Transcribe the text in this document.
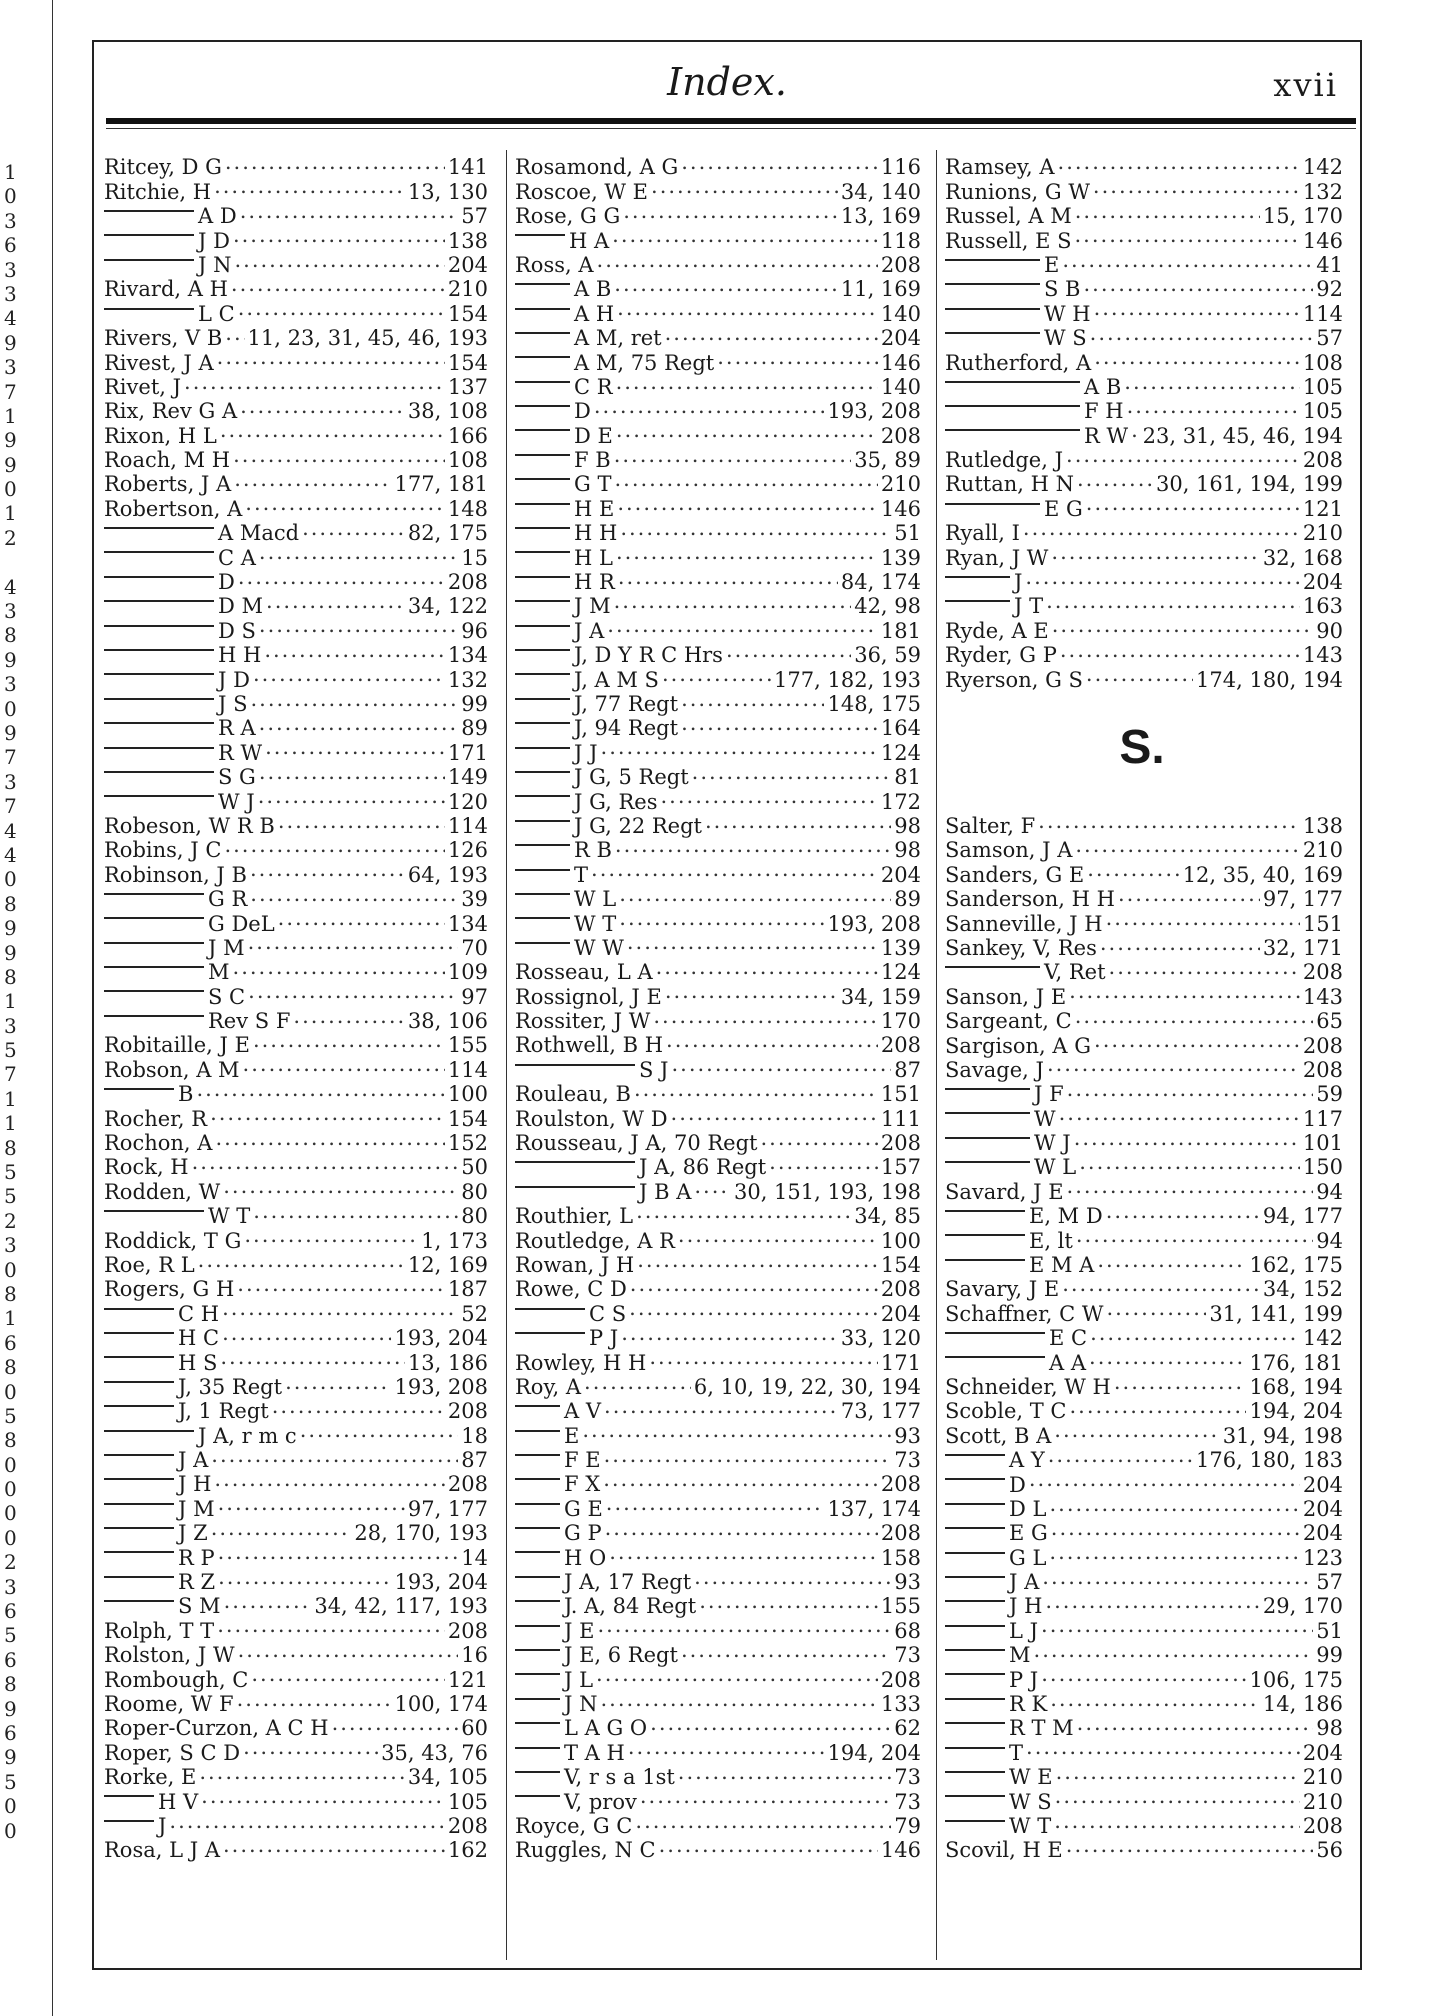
1
0
3
6
3
3
4
9
3
7
1
9
9
0
1
2
4
3
8
9
3
0
9
7
3
7
4
4
0
8
9
9
8
1
3
5
7
1
1
8
5
5
2
3
0
8
1
6
8
0
5
8
0
0
0
0
2
3
6
5
6
8
9
6
9
5
0
0
Index.	xvii
Ritcey, D G .....	141
Ritchie, H .....	13, 130
A D .....	57
J D .....	138
J N .....	204
Rivard, A H .....	210
L C .....	154
Rivers, V B ..... 11, 23, 31, 45, 46, 193
Rivest, J A .....	154
Rivet, J .....	137
Rix, Rev G A .....	38, 108
Rixon, H L .....	166
Roach, M H .....	108
Roberts, J A .....	177, 181
Robertson, A .....	148
A Macd .....	82, 175
C A .....	15
D .....	208
D M .....	34, 122
D S .....	96
H H .....	134
J D .....	132
J S .....	99
R A .....	89
R W .....	171
S G .....	149
W J .....	120
Robeson, W R B .....	114
Robins, J C .....	126
Robinson, J B .....	64, 193
G R .....	39
G DeL .....	134
J M .....	70
M .....	109
S C .....	97
Rev S F .....	38, 106
Robitaille, J E .....	155
Robson, A M .....	114
B .....	100
Rocher, R .....	154
Rochon, A .....	152
Rock, H .....	50
Rodden, W .....	80
W T .....	80
Roddick, T G .....	1, 173
Roe, R L .....	12, 169
Rogers, G H .....	187
C H .....	52
H C .....	193, 204
H S .....	13, 186
J, 35 Regt .....	193, 208
J, 1 Regt .....	208
J A, r m c .....	18
J A .....	87
J H .....	208
J M .....	97, 177
J Z .....	28, 170, 193
R P .....	14
R Z .....	193, 204
S M .....	34, 42, 117, 193
Rolph, T T .....	208
Rolston, J W .....	16
Rombough, C .....	121
Roome, W F .....	100, 174
Roper-Curzon, A C H .....	60
Roper, S C D .....	35, 43, 76
Rorke, E .....	34, 105
H V .....	105
J .....	208
Rosa, L J A .....	162
Rosamond, A G .....	116
Roscoe, W E .....	34, 140
Rose, G G .....	13, 169
H A .....	118
Ross, A .....	208
A B .....	11, 169
A H .....	140
A M, ret .....	204
A M, 75 Regt .....	146
C R .....	140
D .....	193, 208
D E .....	208
F B .....	35, 89
G T .....	210
H E .....	146
H H .....	51
H L .....	139
H R .....	84, 174
J M .....	42, 98
J A .....	181
J, D Y R C Hrs .....	36, 59
J, A M S .....	177, 182, 193
J, 77 Regt .....	148, 175
J, 94 Regt .....	164
J J .....	124
J G, 5 Regt .....	81
J G, Res .....	172
J G, 22 Regt .....	98
R B .....	98
T .....	204
W L .....	89
W T .....	193, 208
W W .....	139
Rosseau, L A .....	124
Rossignol, J E .....	34, 159
Rossiter, J W .....	170
Rothwell, B H .....	208
S J .....	87
Rouleau, B .....	151
Roulston, W D .....	111
Rousseau, J A, 70 Regt .....	208
J A, 86 Regt .....	157
J B A ..... 30, 151, 193, 198
Routhier, L .....	34, 85
Routledge, A R .....	100
Rowan, J H .....	154
Rowe, C D .....	208
C S .....	204
P J .....	33, 120
Rowley, H H .....	171
Roy, A .....	6, 10, 19, 22, 30, 194
A V .....	73, 177
E .....	93
F E .....	73
F X .....	208
G E .....	137, 174
G P .....	208
H O .....	158
J A, 17 Regt .....	93
J. A, 84 Regt .....	155
J E .....	68
J E, 6 Regt .....	73
J L .....	208
J N .....	133
L A G O .....	62
T A H .....	194, 204
V, r s a 1st .....	73
V, prov .....	73
Royce, G C .....	79
Ruggles, N C .....	146
Ramsey, A .....	142
Runions, G W .....	132
Russel, A M .....	15, 170
Russell, E S .....	146
E .....	41
S B .....	92
W H .....	114
W S .....	57
Rutherford, A .....	108
A B .....	105
F H .....	105
R W ..... 23, 31, 45, 46, 194
Rutledge, J .....	208
Ruttan, H N .....	30, 161, 194, 199
E G .....	121
Ryall, I .....	210
Ryan, J W .....	32, 168
J .....	204
J T .....	163
Ryde, A E .....	90
Ryder, G P .....	143
Ryerson, G S .....	174, 180, 194
S.
Salter, F .....	138
Samson, J A .....	210
Sanders, G E .....	12, 35, 40, 169
Sanderson, H H .....	97, 177
Sanneville, J H .....	151
Sankey, V, Res .....	32, 171
V, Ret .....	208
Sanson, J E .....	143
Sargeant, C .....	65
Sargison, A G .....	208
Savage, J .....	208
J F .....	59
W .....	117
W J .....	101
W L .....	150
Savard, J E .....	94
E, M D .....	94, 177
E, lt .....	94
E M A .....	162, 175
Savary, J E .....	34, 152
Schaffner, C W .....	31, 141, 199
E C .....	142
A A .....	176, 181
Schneider, W H .....	168, 194
Scoble, T C .....	194, 204
Scott, B A .....	31, 94, 198
A Y .....	176, 180, 183
D .....	204
D L .....	204
E G .....	204
G L .....	123
J A .....	57
J H .....	29, 170
L J .....	51
M .....	99
P J .....	106, 175
R K .....	14, 186
R T M .....	98
T .....	204
W E .....	210
W S .....	210
W T .....	208
Scovil, H E .....	56
